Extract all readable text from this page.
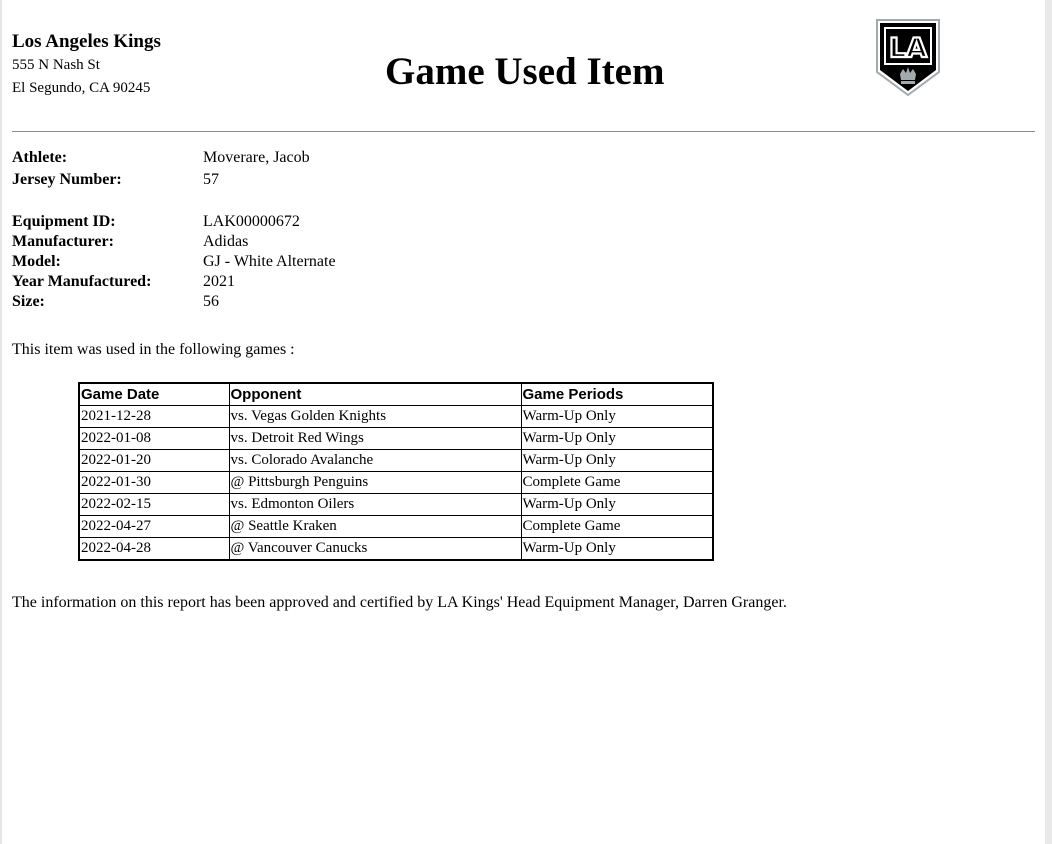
Los Angeles Kings
555 N Nash St
El Segundo, CA 90245	Game Used Item
LA
Athlete:	Moverare, Jacob
Jersey Number:	57
Equipment ID:	LAK00000672
Manufacturer:	Adidas
Model:	GJ - White Alternate
Year Manufactured:	2021
Size:	56
This item was used in the following games :
Game Date	Opponent	Game Periods
2021-12-28	vs. Vegas Golden Knights	Warm-Up Only
2022-01-08	vs. Detroit Red Wings	Warm-Up Only
2022-01-20	vs. Colorado Avalanche	Warm-Up Only
2022-01-30	@ Pittsburgh Penguins	Complete Game
2022-02-15	vs. Edmonton Oilers	Warm-Up Only
2022-04-27	@ Seattle Kraken	Complete Game
2022-04-28	@ Vancouver Canucks	Warm-Up Only
The information on this report has been approved and certified by LA Kings' Head Equipment Manager, Darren Granger.
